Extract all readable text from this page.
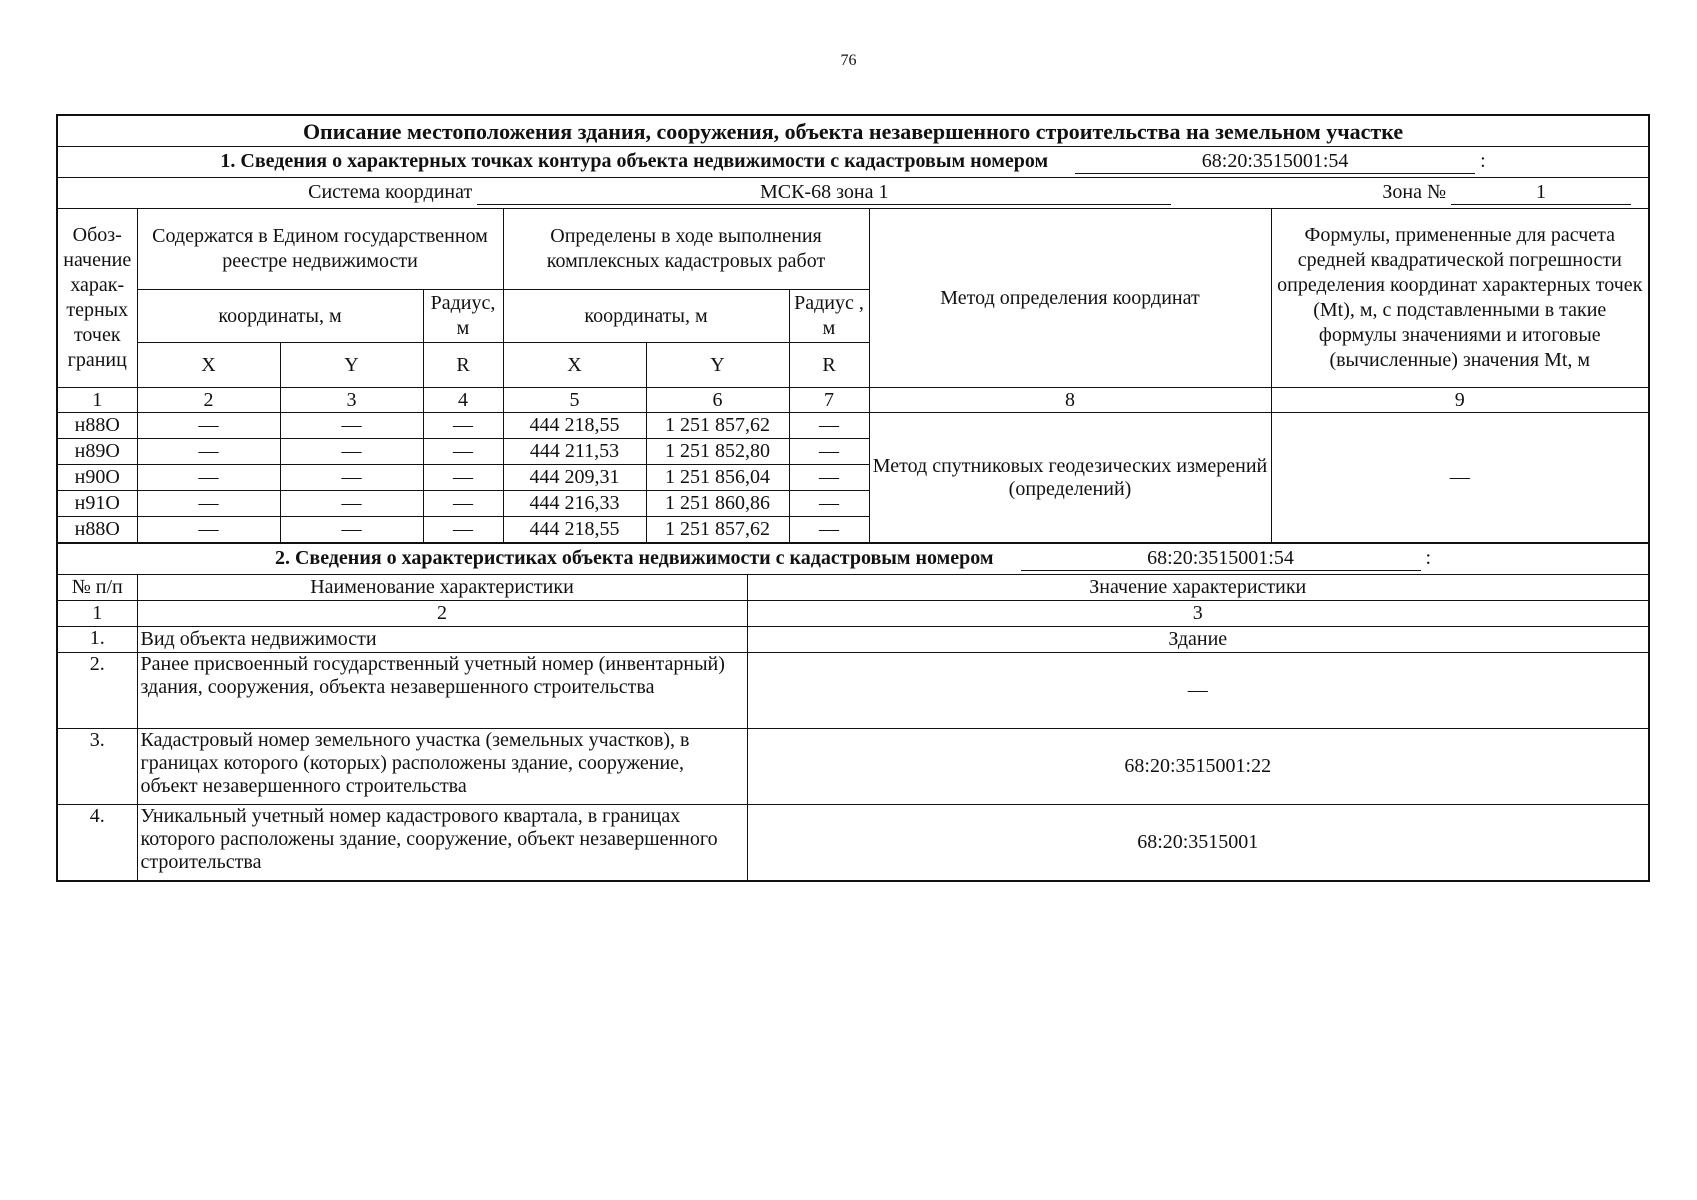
76
Описание местоположения здания, сооружения, объекта незавершенного строительства на земельном участке								
1. Сведения о характерных точках контура объекта недвижимости с кадастровым номером 68:20:3515001:54 :								
Система координат МСК-68 зона 1 Зона № 1								

Обоз-начение харак-терных точек границ	Содержатся в Едином государственном реестре недвижимости			Определены в ходе выполнения комплексных кадастровых работ			Метод определения координат	Формулы, примененные для расчета средней квадратической погрешности определения координат характерных точек (Mt), м, с подставленными в такие формулы значениями и итоговые (вычисленные) значения Mt, м
	координаты, м		Радиус, м	координаты, м		Радиус , м		
	X	Y	R	X	Y	R		
1	2	3	4	5	6	7	8	9
н88О	—	—	—	444 218,55	1 251 857,62	—	Метод спутниковых геодезических измерений (определений)	—
н89О	—	—	—	444 211,53	1 251 852,80	—		
н90О	—	—	—	444 209,31	1 251 856,04	—		
н91О	—	—	—	444 216,33	1 251 860,86	—		
н88О	—	—	—	444 218,55	1 251 857,62	—		
2. Сведения о характеристиках объекта недвижимости с кадастровым номером 68:20:3515001:54 :		
№ п/п	Наименование характеристики	Значение характеристики
1	2	3
1.	Вид объекта недвижимости	Здание
2.	Ранее присвоенный государственный учетный номер (инвентарный) здания, сооружения, объекта незавершенного строительства	—
3.	Кадастровый номер земельного участка (земельных участков), в границах которого (которых) расположены здание, сооружение, объект незавершенного строительства	68:20:3515001:22
4.	Уникальный учетный номер кадастрового квартала, в границах которого расположены здание, сооружение, объект незавершенного строительства	68:20:3515001
